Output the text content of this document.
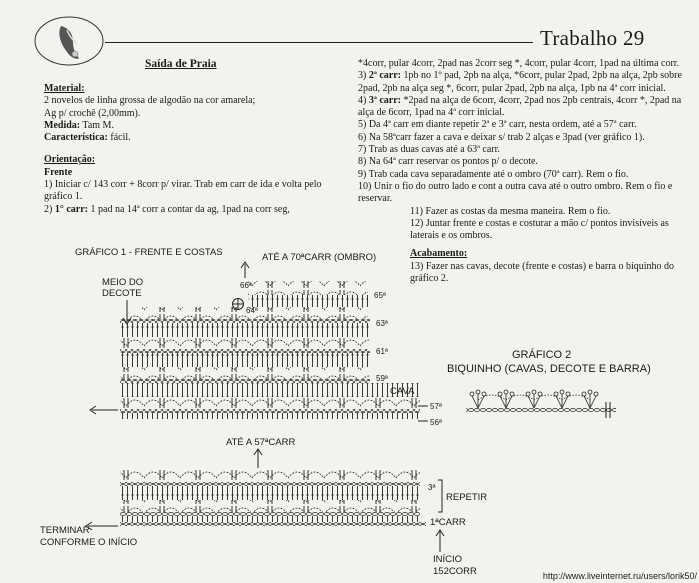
Trabalho 29
Saída de Praia

Material:

2 novelos de linha grossa de algodão na cor amarela;

Ag p/ crochê (2,00mm).

Medida: Tam M.

Característica: fácil.

Orientação:

Frente

1) Iniciar c/ 143 corr + 8corr p/ virar. Trab em carr de ida e volta pelo gráfico 1.

2) 1° carr: 1 pad na 14ª corr a contar da ag, 1pad na corr seg,

*4corr, pular 4corr, 2pad nas 2corr seg *, 4corr, pular 4corr, 1pad na última corr.

3) 2ª carr: 1pb no 1º pad, 2pb na alça, *6corr, pular 2pad, 2pb na alça, 2pb sobre 2pad, 2pb na alça seg *, 6corr, pular 2pad, 2pb na alça, 1pb na 4ª corr inicial.

4) 3ª carr: *2pad na alça de 6corr, 4corr, 2pad nos 2pb centrais, 4corr *, 2pad na alça de 6corr, 1pad na 4ª corr inicial.

5) Da 4ª carr em diante repetir 2ª e 3ª carr, nesta ordem, até a 57ª carr.

6) Na 58ªcarr fazer a cava e deixar s/ trab 2 alças e 3pad (ver gráfico 1).

7) Trab as duas cavas até a 63ª carr.

8) Na 64ª carr reservar os pontos p/ o decote.

9) Trab cada cava separadamente até o ombro (70ª carr). Rem o fio.

10) Unir o fio do outro lado e cont a outra cava até o outro ombro. Rem o fio e reservar.

11) Fazer as costas da mesma maneira. Rem o fio.

12) Juntar frente e costas e costurar a mão c/ pontos invisíveis as laterais e os ombros.

Acabamento:

13) Fazer nas cavas, decote (frente e costas) e barra o biquinho do gráfico 2.

GRÁFICO 1 - FRENTE E COSTAS	ATÉ A 70ªCARR (OMBRO)
MEIO DO
DECOTE
66ª
65ª
64ª
63ª
61ª
59ª
CAVA
57ª
56ª
ATÉ A 57ªCARR
3ª
REPETIR
1ªCARR
TERMINAR
CONFORME O INÍCIO
INÍCIO
152CORR
GRÁFICO 2
BIQUINHO (CAVAS, DECOTE E BARRA)
http://www.liveinternet.ru/users/lorik50/
